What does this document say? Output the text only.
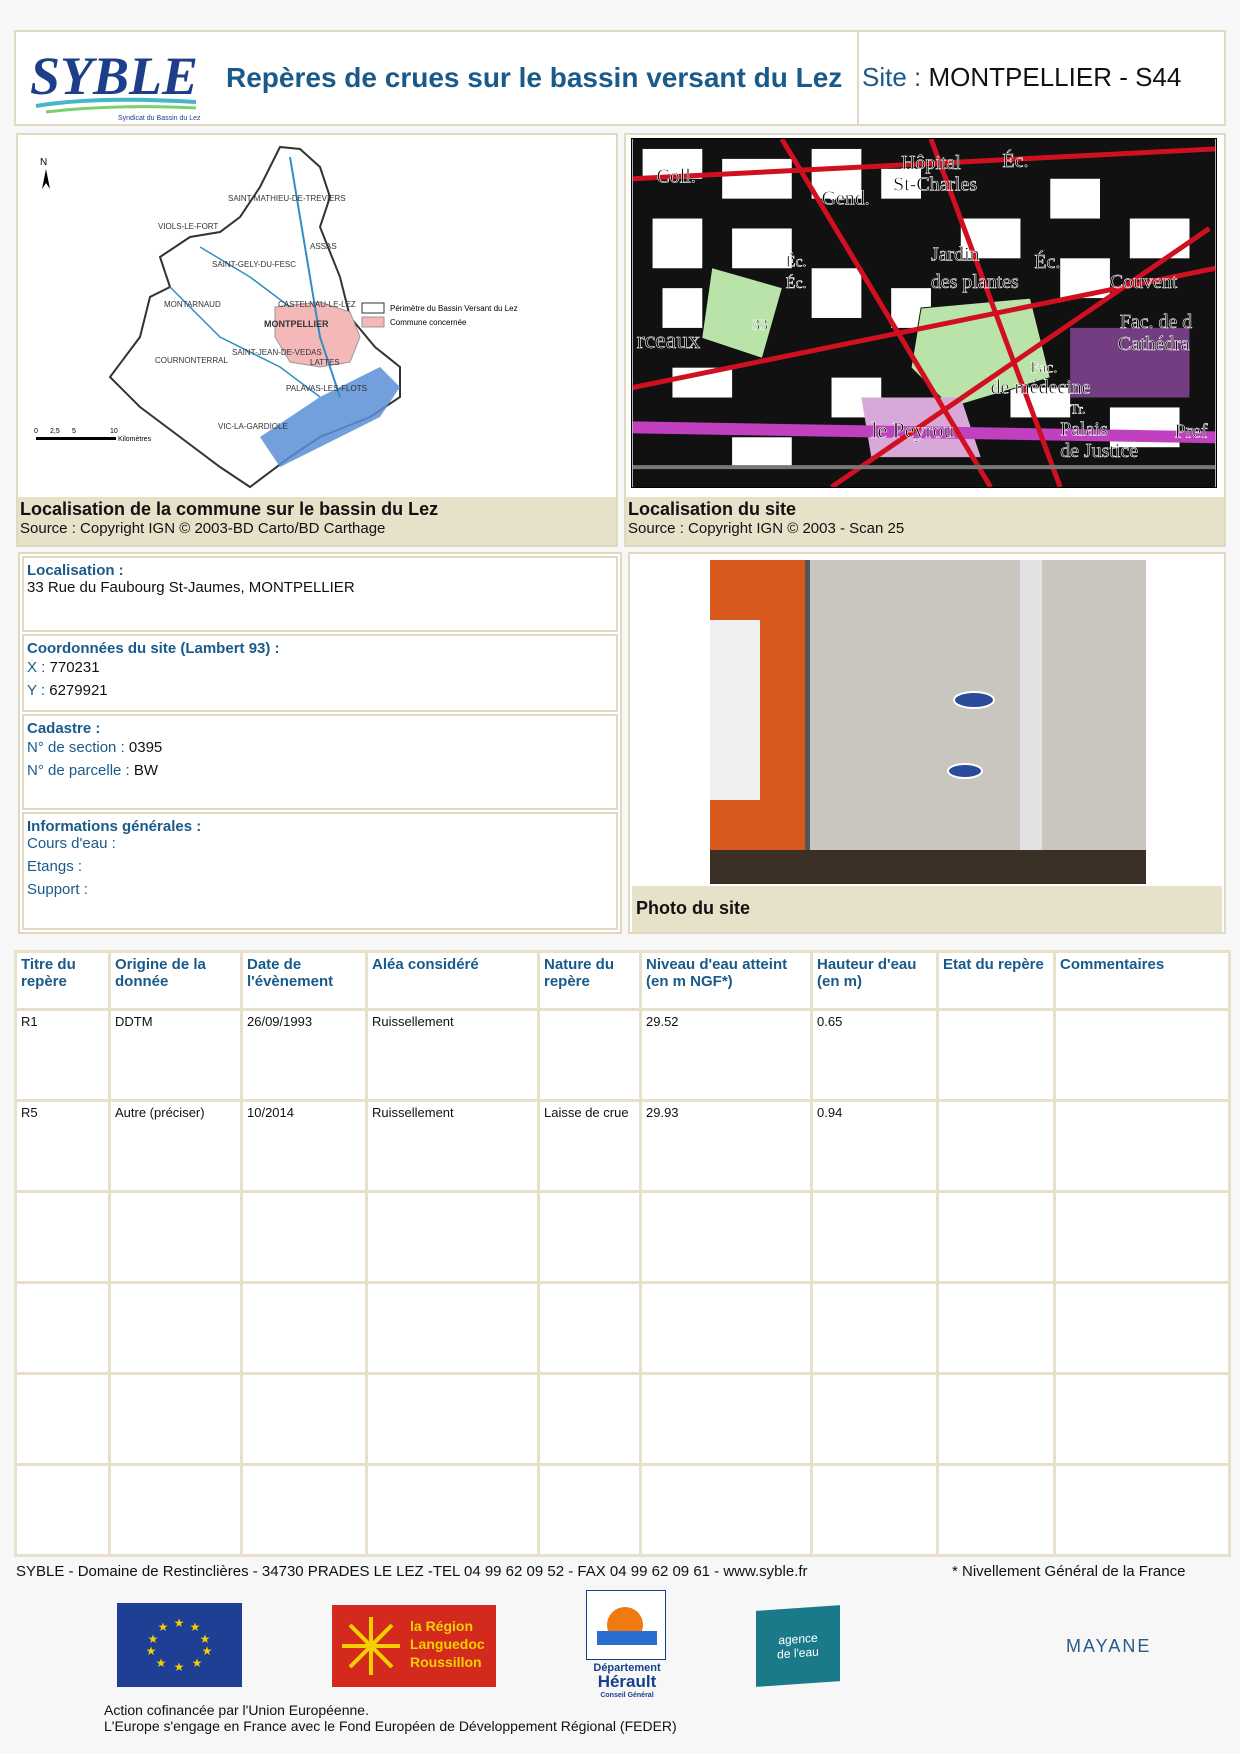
SYBLE
Syndicat du Bassin du Lez
Repères de crues sur le bassin versant du Lez Site : MONTPELLIER - S44
N
SAINT-MATHIEU-DE-TREVIERS
VIOLS-LE-FORT
ASSAS
SAINT-GELY-DU-FESC
MONTARNAUD	CASTELNAU-LE-LEZ
MONTPELLIER
SAINT-JEAN-DE-VEDAS
COURNONTERRAL	LATTES
PALAVAS-LES-FLOTS
VIC-LA-GARDIOLE
Périmètre du Bassin Versant du Lez
Commune concernée
0 2,5 5	10
Kilomètres
Localisation de la commune sur le bassin du Lez
Source : Copyright IGN © 2003-BD Carto/BD Carthage
Coll.
Hôpital
St-Charles
Éc.
Gend.
Éc.
Éc.
Jardin
des plantes
Éc.
Couvent
33
rceaux
Fac. de d
Cathédra
Fac.
de médecine
le Peyrou	Palais
de Justice
Tr.
Pref
Localisation du site
Source : Copyright IGN © 2003 - Scan 25
Localisation :
33 Rue du Faubourg St-Jaumes, MONTPELLIER
Coordonnées du site (Lambert 93) :
X : 770231
Y : 6279921
Cadastre :
N° de section : 0395
N° de parcelle : BW
Informations générales :
Cours d'eau :
Etangs :
Support :
Photo du site
Titre du repère	Origine de la donnée	Date de l'évènement	Aléa considéré	Nature du repère	Niveau d'eau atteint (en m NGF*)	Hauteur d'eau (en m)	Etat du repère	Commentaires
R1	DDTM	26/09/1993	Ruissellement		29.52	0.65		
R5	Autre (préciser)	10/2014	Ruissellement	Laisse de crue	29.93	0.94		

SYBLE - Domaine de Restinclières - 34730 PRADES LE LEZ -TEL 04 99 62 09 52 - FAX 04 99 62 09 61 - www.syble.fr	* Nivellement Général de la France
★ ★
★
★
★
★
★
★
★
★	la Région
Languedoc
Roussillon	Département
Hérault
Conseil Général
agence
de l'eau	MAYANE
Action cofinancée par l'Union Européenne.
L'Europe s'engage en France avec le Fond Européen de Développement Régional (FEDER)
